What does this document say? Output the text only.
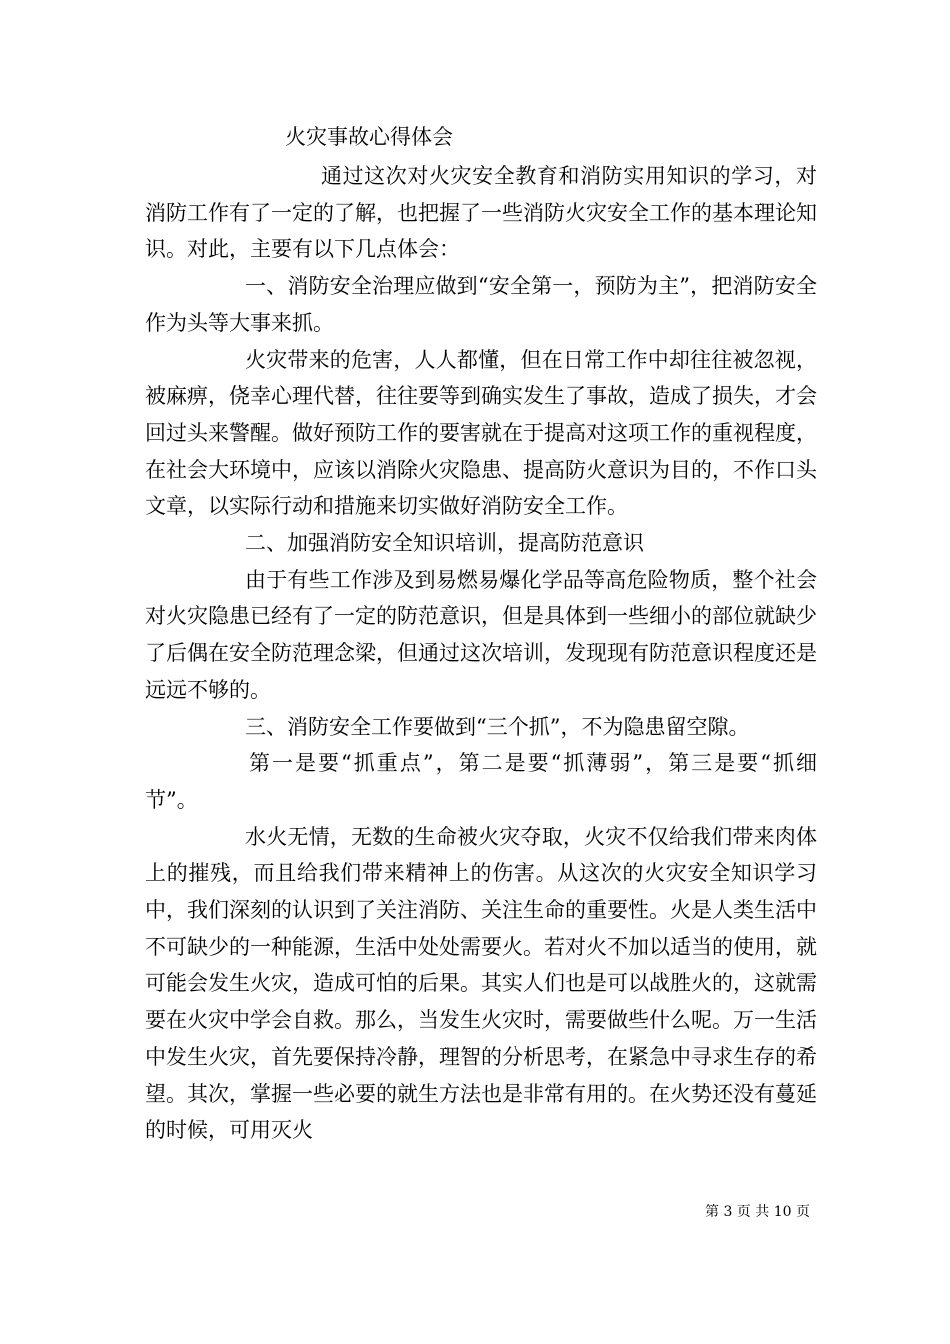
火灾事故心得体会

通过这次对火灾安全教育和消防实用知识的学习，对消防工作有了一定的了解，也把握了一些消防火灾安全工作的基本理论知识。对此，主要有以下几点体会：

一、消防安全治理应做到“安全第一，预防为主”，把消防安全作为头等大事来抓。

火灾带来的危害，人人都懂，但在日常工作中却往往被忽视，被麻痹，侥幸心理代替，往往要等到确实发生了事故，造成了损失，才会回过头来警醒。做好预防工作的要害就在于提高对这项工作的重视程度，在社会大环境中，应该以消除火灾隐患、提高防火意识为目的，不作口头文章，以实际行动和措施来切实做好消防安全工作。

二、加强消防安全知识培训，提高防范意识

由于有些工作涉及到易燃易爆化学品等高危险物质，整个社会对火灾隐患已经有了一定的防范意识，但是具体到一些细小的部位就缺少了后偶在安全防范理念梁，但通过这次培训，发现现有防范意识程度还是远远不够的。

三、消防安全工作要做到“三个抓”，不为隐患留空隙。

第一是要“抓重点”，第二是要“抓薄弱”，第三是要“抓细节”。

水火无情，无数的生命被火灾夺取，火灾不仅给我们带来肉体上的摧残，而且给我们带来精神上的伤害。从这次的火灾安全知识学习中，我们深刻的认识到了关注消防、关注生命的重要性。火是人类生活中不可缺少的一种能源，生活中处处需要火。若对火不加以适当的使用，就可能会发生火灾，造成可怕的后果。其实人们也是可以战胜火的，这就需要在火灾中学会自救。那么，当发生火灾时，需要做些什么呢。万一生活中发生火灾，首先要保持冷静，理智的分析思考，在紧急中寻求生存的希望。其次，掌握一些必要的就生方法也是非常有用的。在火势还没有蔓延的时候，可用灭火

第 3 页 共 10 页
